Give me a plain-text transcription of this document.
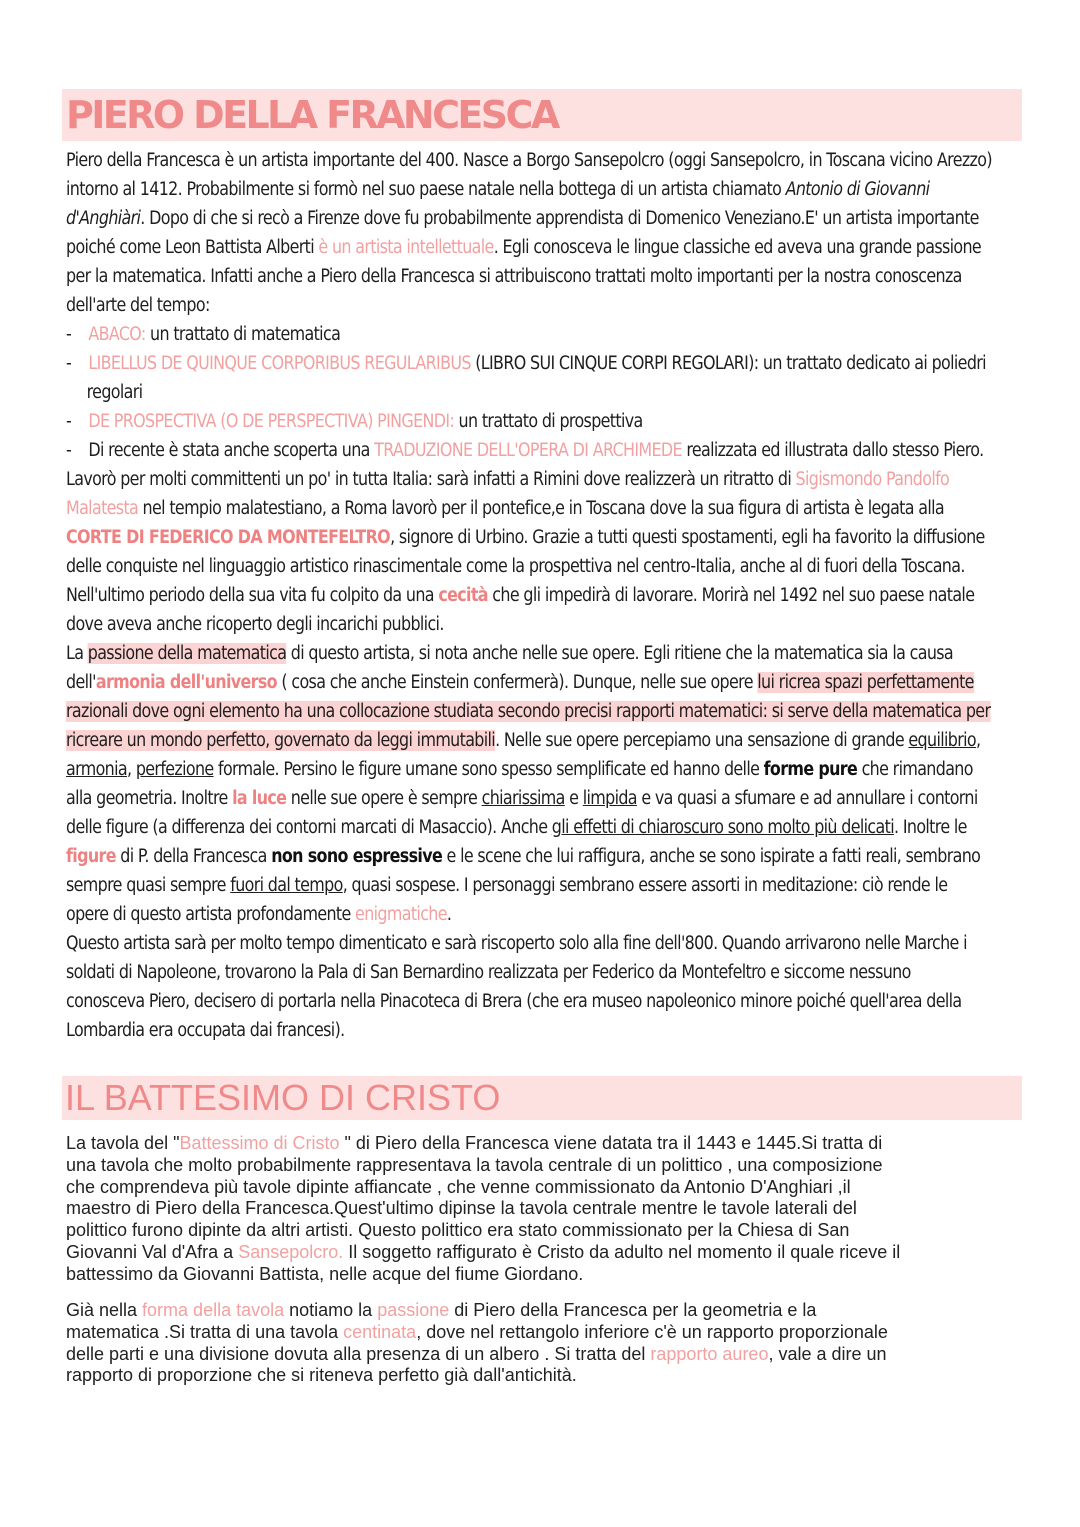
PIERO DELLA FRANCESCA
Piero della Francesca è un artista importante del 400. Nasce a Borgo Sansepolcro (oggi Sansepolcro, in Toscana vicino Arezzo)
intorno al 1412. Probabilmente si formò nel suo paese natale nella bottega di un artista chiamato Antonio di Giovanni
d'Anghiàri. Dopo di che si recò a Firenze dove fu probabilmente apprendista di Domenico Veneziano.E' un artista importante
poiché come Leon Battista Alberti è un artista intellettuale. Egli conosceva le lingue classiche ed aveva una grande passione
per la matematica. Infatti anche a Piero della Francesca si attribuiscono trattati molto importanti per la nostra conoscenza
dell'arte del tempo:
- ABACO: un trattato di matematica
- LIBELLUS DE QUINQUE CORPORIBUS REGULARIBUS (LIBRO SUI CINQUE CORPI REGOLARI): un trattato dedicato ai poliedri
regolari
- DE PROSPECTIVA (O DE PERSPECTIVA) PINGENDI: un trattato di prospettiva
- Di recente è stata anche scoperta una TRADUZIONE DELL'OPERA DI ARCHIMEDE realizzata ed illustrata dallo stesso Piero.
Lavorò per molti committenti un po' in tutta Italia: sarà infatti a Rimini dove realizzerà un ritratto di Sigismondo Pandolfo
Malatesta nel tempio malatestiano, a Roma lavorò per il pontefice,e in Toscana dove la sua figura di artista è legata alla
CORTE DI FEDERICO DA MONTEFELTRO, signore di Urbino. Grazie a tutti questi spostamenti, egli ha favorito la diffusione
delle conquiste nel linguaggio artistico rinascimentale come la prospettiva nel centro-Italia, anche al di fuori della Toscana.
Nell'ultimo periodo della sua vita fu colpito da una cecità che gli impedirà di lavorare. Morirà nel 1492 nel suo paese natale
dove aveva anche ricoperto degli incarichi pubblici.
La passione della matematica di questo artista, si nota anche nelle sue opere. Egli ritiene che la matematica sia la causa
dell'armonia dell'universo ( cosa che anche Einstein confermerà). Dunque, nelle sue opere lui ricrea spazi perfettamente
razionali dove ogni elemento ha una collocazione studiata secondo precisi rapporti matematici: si serve della matematica per
ricreare un mondo perfetto, governato da leggi immutabili. Nelle sue opere percepiamo una sensazione di grande equilibrio,
armonia, perfezione formale. Persino le figure umane sono spesso semplificate ed hanno delle forme pure che rimandano
alla geometria. Inoltre la luce nelle sue opere è sempre chiarissima e limpida e va quasi a sfumare e ad annullare i contorni
delle figure (a differenza dei contorni marcati di Masaccio). Anche gli effetti di chiaroscuro sono molto più delicati. Inoltre le
figure di P. della Francesca non sono espressive e le scene che lui raffigura, anche se sono ispirate a fatti reali, sembrano
sempre quasi sempre fuori dal tempo, quasi sospese. I personaggi sembrano essere assorti in meditazione: ciò rende le
opere di questo artista profondamente enigmatiche.
Questo artista sarà per molto tempo dimenticato e sarà riscoperto solo alla fine dell'800. Quando arrivarono nelle Marche i
soldati di Napoleone, trovarono la Pala di San Bernardino realizzata per Federico da Montefeltro e siccome nessuno
conosceva Piero, decisero di portarla nella Pinacoteca di Brera (che era museo napoleonico minore poiché quell'area della
Lombardia era occupata dai francesi).
IL BATTESIMO DI CRISTO
La tavola del "Battessimo di Cristo " di Piero della Francesca viene datata tra il 1443 e 1445.Si tratta di
una tavola che molto probabilmente rappresentava la tavola centrale di un polittico , una composizione
che comprendeva più tavole dipinte affiancate , che venne commissionato da Antonio D'Anghiari ,il
maestro di Piero della Francesca.Quest'ultimo dipinse la tavola centrale mentre le tavole laterali del
polittico furono dipinte da altri artisti. Questo polittico era stato commissionato per la Chiesa di San
Giovanni Val d'Afra a Sansepolcro. Il soggetto raffigurato è Cristo da adulto nel momento il quale riceve il
battessimo da Giovanni Battista, nelle acque del fiume Giordano.
Già nella forma della tavola notiamo la passione di Piero della Francesca per la geometria e la
matematica .Si tratta di una tavola centinata, dove nel rettangolo inferiore c'è un rapporto proporzionale
delle parti e una divisione dovuta alla presenza di un albero . Si tratta del rapporto aureo, vale a dire un
rapporto di proporzione che si riteneva perfetto già dall'antichità.
